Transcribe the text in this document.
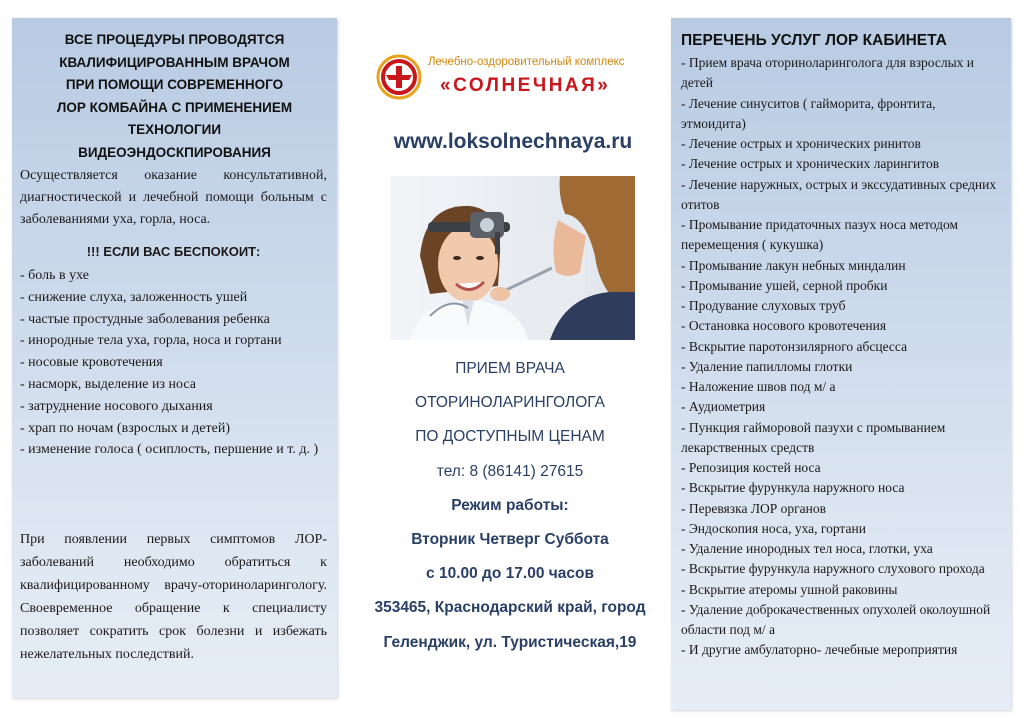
ВСЕ ПРОЦЕДУРЫ ПРОВОДЯТСЯ
КВАЛИФИЦИРОВАННЫМ ВРАЧОМ
ПРИ ПОМОЩИ СОВРЕМЕННОГО
ЛОР КОМБАЙНА С ПРИМЕНЕНИЕМ
ТЕХНОЛОГИИ
ВИДЕОЭНДОСКПИРОВАНИЯ

Осуществляется оказание консультативной, диагностической и лечебной помощи больным с заболеваниями уха, горла, носа.

!!! ЕСЛИ ВАС БЕСПОКОИТ:
- боль в ухе
- снижение слуха, заложенность ушей
- частые простудные заболевания ребенка
- инородные тела уха, горла, носа и гортани
- носовые кровотечения
- насморк, выделение из носа
- затруднение носового дыхания
- храп по ночам (взрослых и детей)
- изменение голоса ( осиплость, першение и т. д. )

При появлении первых симптомов ЛОР-заболеваний необходимо обратиться к квалифицированному врачу-оториноларингологу. Своевременное обращение к специалисту позволяет сократить срок болезни и избежать нежелательных последствий.

Лечебно-оздоровительный комплекс
«СОЛНЕЧНАЯ»
www.loksolnechnaya.ru
ПРИЕМ ВРАЧА
ОТОРИНОЛАРИНГОЛОГА
ПО ДОСТУПНЫМ ЦЕНАМ
тел: 8 (86141) 27615
Режим работы:
Вторник Четверг Суббота
с 10.00 до 17.00 часов
353465, Краснодарский край, город
Геленджик, ул. Туристическая,19
ПЕРЕЧЕНЬ УСЛУГ ЛОР КАБИНЕТА
- Прием врача оториноларинголога для взрослых и детей
- Лечение синуситов ( гайморита, фронтита, этмоидита)
- Лечение острых и хронических ринитов
- Лечение острых и хронических ларингитов
- Лечение наружных, острых и экссудативных средних отитов
- Промывание придаточных пазух носа методом перемещения ( кукушка)
- Промывание лакун небных миндалин
- Промывание ушей, серной пробки
- Продувание слуховых труб
- Остановка носового кровотечения
- Вскрытие паротонзилярного абсцесса
- Удаление папилломы глотки
- Наложение швов под м/ а
- Аудиометрия
- Пункция гайморовой пазухи с промыванием лекарственных средств
- Репозиция костей носа
- Вскрытие фурункула наружного носа
- Перевязка ЛОР органов
- Эндоскопия носа, уха, гортани
- Удаление инородных тел носа, глотки, уха
- Вскрытие фурункула наружного слухового прохода
- Вскрытие атеромы ушной раковины
- Удаление доброкачественных опухолей околоушной области под м/ а
- И другие амбулаторно- лечебные мероприятия
